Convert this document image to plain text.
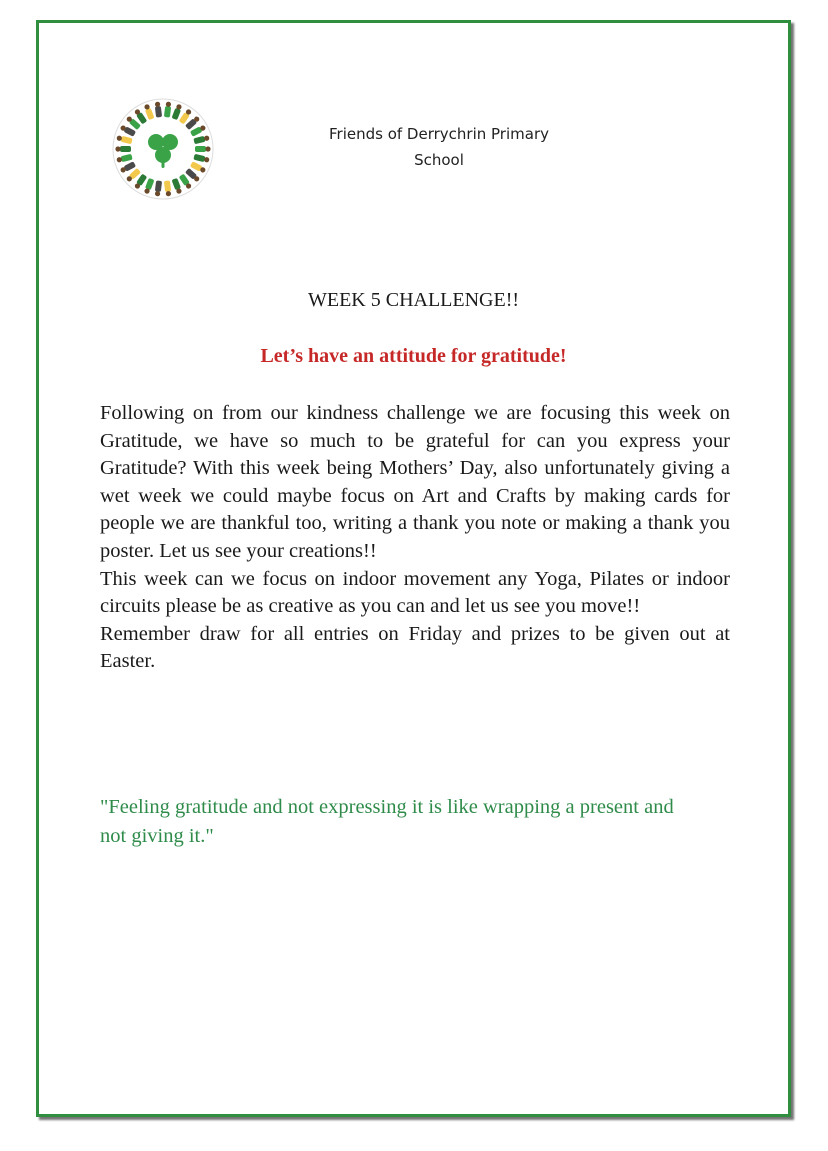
Friends of Derrychrin Primary
School
WEEK 5 CHALLENGE!!
Let’s have an attitude for gratitude!

Following on from our kindness challenge we are focusing this week on Gratitude, we have so much to be grateful for can you express your Gratitude? With this week being Mothers’ Day, also unfortunately giving a wet week we could maybe focus on Art and Crafts by making cards for people we are thankful too, writing a thank you note or making a thank you poster. Let us see your creations!!

This week can we focus on indoor movement any Yoga, Pilates or indoor circuits please be as creative as you can and let us see you move!!

Remember draw for all entries on Friday and prizes to be given out at Easter.

"Feeling gratitude and not expressing it is like wrapping a present and not giving it."
